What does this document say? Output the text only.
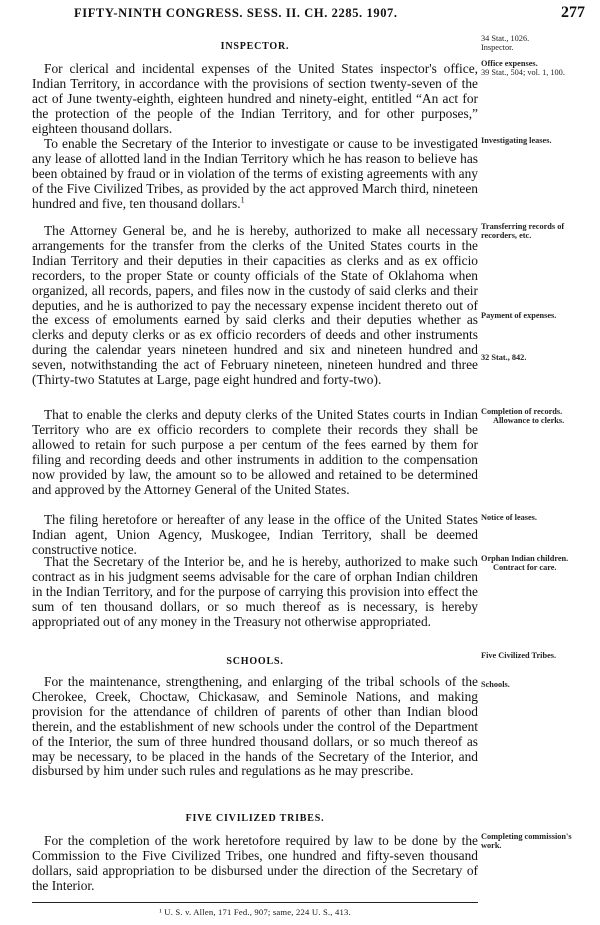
FIFTY-NINTH CONGRESS. SESS. II. CH. 2285. 1907.	277
34 Stat., 1026.
Inspector.
Office expenses.
39 Stat., 504; vol. 1, 100.
Investigating leases.
Transferring records of recorders, etc.
Payment of expenses.
32 Stat., 842.
Completion of records.
Allowance to clerks.
Notice of leases.
Orphan Indian children.
Contract for care.
Five Civilized Tribes.
Schools.
Completing commission's work.
INSPECTOR.

For clerical and incidental expenses of the United States inspector's office, Indian Territory, in accordance with the provisions of section twenty-seven of the act of June twenty-eighth, eighteen hundred and ninety-eight, entitled “An act for the protection of the people of the Indian Territory, and for other purposes,” eighteen thousand dollars.

To enable the Secretary of the Interior to investigate or cause to be investigated any lease of allotted land in the Indian Territory which he has reason to believe has been obtained by fraud or in violation of the terms of existing agreements with any of the Five Civilized Tribes, as provided by the act approved March third, nineteen hundred and five, ten thousand dollars.$^1$

The Attorney General be, and he is hereby, authorized to make all necessary arrangements for the transfer from the clerks of the United States courts in the Indian Territory and their deputies in their capacities as clerks and as ex officio recorders, to the proper State or county officials of the State of Oklahoma when organized, all records, papers, and files now in the custody of said clerks and their deputies, and he is authorized to pay the necessary expense incident thereto out of the excess of emoluments earned by said clerks and their deputies whether as clerks and deputy clerks or as ex officio recorders of deeds and other instruments during the calendar years nineteen hundred and six and nineteen hundred and seven, notwithstanding the act of February nineteen, nineteen hundred and three (Thirty-two Statutes at Large, page eight hundred and forty-two).

That to enable the clerks and deputy clerks of the United States courts in Indian Territory who are ex officio recorders to complete their records they shall be allowed to retain for such purpose a per centum of the fees earned by them for filing and recording deeds and other instruments in addition to the compensation now provided by law, the amount so to be allowed and retained to be determined and approved by the Attorney General of the United States.

The filing heretofore or hereafter of any lease in the office of the United States Indian agent, Union Agency, Muskogee, Indian Territory, shall be deemed constructive notice.

That the Secretary of the Interior be, and he is hereby, authorized to make such contract as in his judgment seems advisable for the care of orphan Indian children in the Indian Territory, and for the purpose of carrying this provision into effect the sum of ten thousand dollars, or so much thereof as is necessary, is hereby appropriated out of any money in the Treasury not otherwise appropriated.

SCHOOLS.

For the maintenance, strengthening, and enlarging of the tribal schools of the Cherokee, Creek, Choctaw, Chickasaw, and Seminole Nations, and making provision for the attendance of children of parents of other than Indian blood therein, and the establishment of new schools under the control of the Department of the Interior, the sum of three hundred thousand dollars, or so much thereof as may be necessary, to be placed in the hands of the Secretary of the Interior, and disbursed by him under such rules and regulations as he may prescribe.

FIVE CIVILIZED TRIBES.

For the completion of the work heretofore required by law to be done by the Commission to the Five Civilized Tribes, one hundred and fifty-seven thousand dollars, said appropriation to be disbursed under the direction of the Secretary of the Interior.

¹ U. S. v. Allen, 171 Fed., 907; same, 224 U. S., 413.
